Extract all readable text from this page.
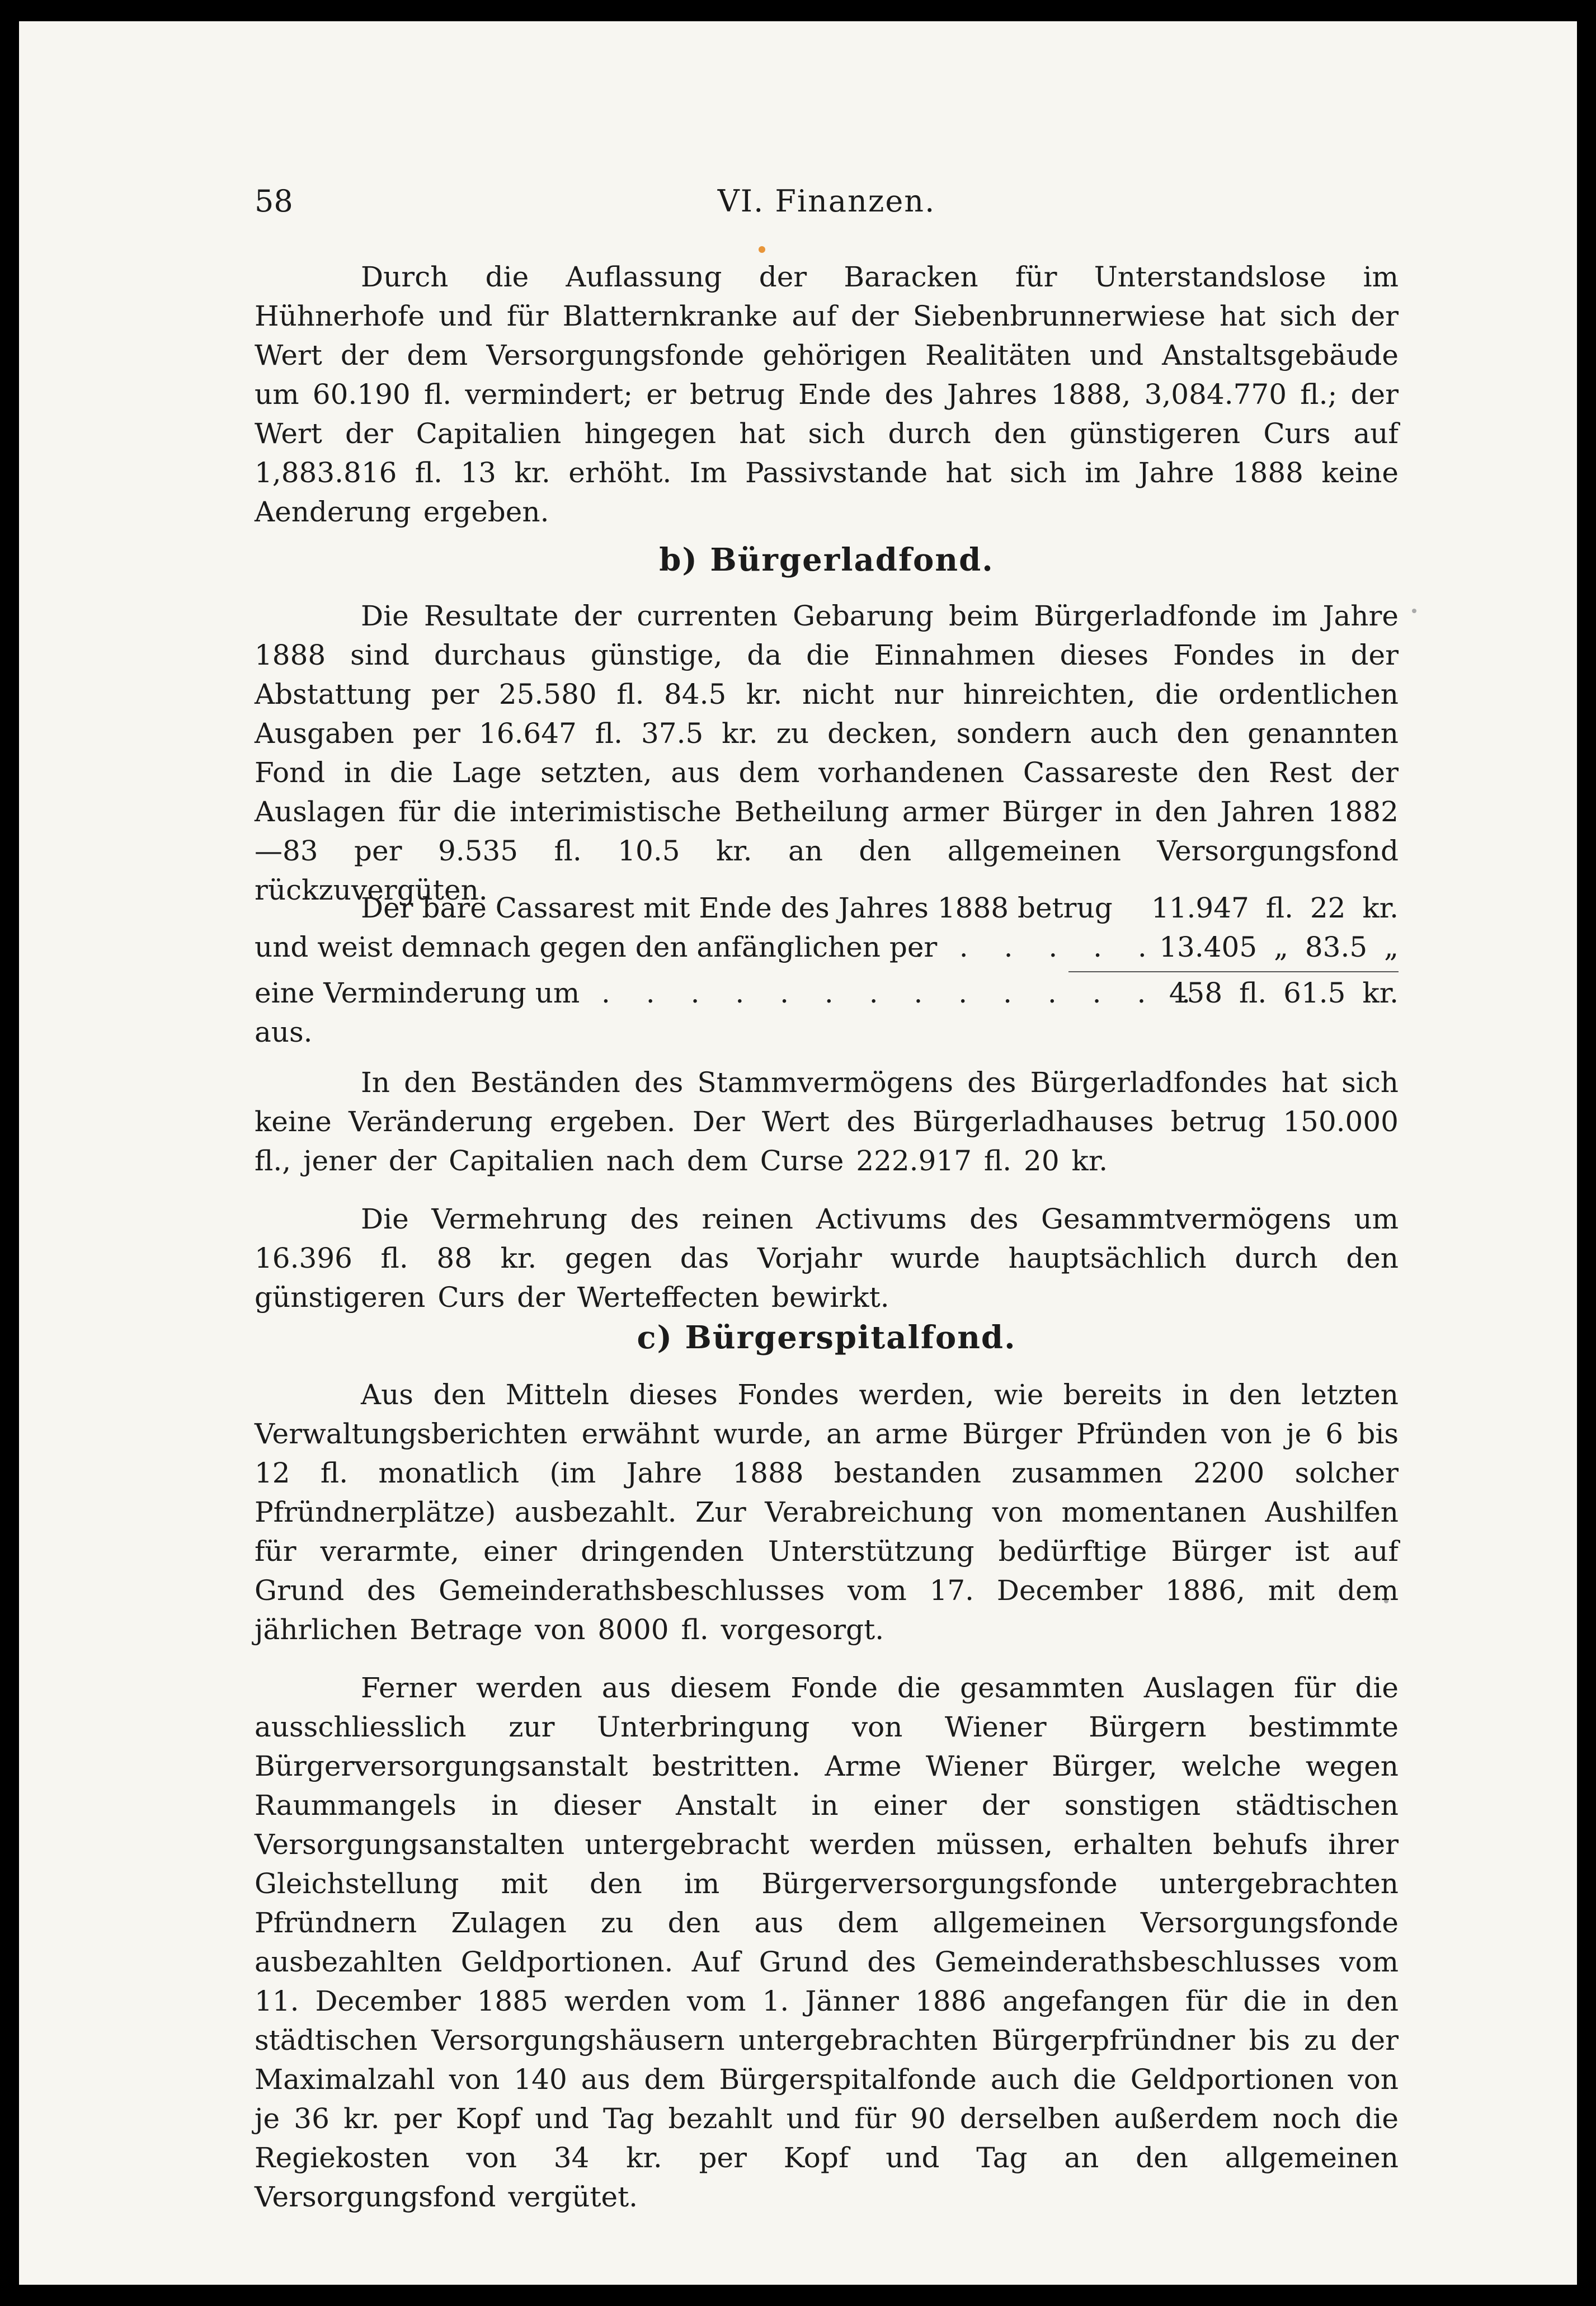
58	VI. Finanzen.

Durch die Auflassung der Baracken für Unterstandslose im Hühnerhofe und für Blatternkranke auf der Siebenbrunnerwiese hat sich der Wert der dem Versorgungsfonde gehörigen Realitäten und Anstaltsgebäude um 60.190 fl. vermindert; er betrug Ende des Jahres 1888, 3,084.770 fl.; der Wert der Capitalien hingegen hat sich durch den günstigeren Curs auf 1,883.816 fl. 13 kr. erhöht. Im Passivstande hat sich im Jahre 1888 keine Aenderung ergeben.

b) Bürgerladfond.

Die Resultate der currenten Gebarung beim Bürgerladfonde im Jahre 1888 sind durchaus günstige, da die Einnahmen dieses Fondes in der Abstattung per 25.580 fl. 84.5 kr. nicht nur hinreichten, die ordentlichen Ausgaben per 16.647 fl. 37.5 kr. zu decken, sondern auch den genannten Fond in die Lage setzten, aus dem vorhandenen Cassareste den Rest der Auslagen für die interimistische Betheilung armer Bürger in den Jahren 1882—83 per 9.535 fl. 10.5 kr. an den allgemeinen Versorgungsfond rückzuvergüten.

Der bare Cassarest mit Ende des Jahres 1888 betrug 11.947 fl. 22 kr.
und weist demnach gegen den anfänglichen per
. . . . . .
13.405 „ 83.5 „
eine Verminderung um . . . . . . . . . . . . . .
458 fl. 61.5 kr.
aus.

In den Beständen des Stammvermögens des Bürgerladfondes hat sich keine Veränderung ergeben. Der Wert des Bürgerladhauses betrug 150.000 fl., jener der Capitalien nach dem Curse 222.917 fl. 20 kr.

Die Vermehrung des reinen Activums des Gesammtvermögens um 16.396 fl. 88 kr. gegen das Vorjahr wurde hauptsächlich durch den günstigeren Curs der Werteffecten bewirkt.

c) Bürgerspitalfond.

Aus den Mitteln dieses Fondes werden, wie bereits in den letzten Verwaltungsberichten erwähnt wurde, an arme Bürger Pfründen von je 6 bis 12 fl. monatlich (im Jahre 1888 bestanden zusammen 2200 solcher Pfründnerplätze) ausbezahlt. Zur Verabreichung von momentanen Aushilfen für verarmte, einer dringenden Unterstützung bedürftige Bürger ist auf Grund des Gemeinderathsbeschlusses vom 17. December 1886, mit dem jährlichen Betrage von 8000 fl. vorgesorgt.

Ferner werden aus diesem Fonde die gesammten Auslagen für die ausschliesslich zur Unterbringung von Wiener Bürgern bestimmte Bürgerversorgungsanstalt bestritten. Arme Wiener Bürger, welche wegen Raummangels in dieser Anstalt in einer der sonstigen städtischen Versorgungsanstalten untergebracht werden müssen, erhalten behufs ihrer Gleichstellung mit den im Bürgerversorgungsfonde untergebrachten Pfründnern Zulagen zu den aus dem allgemeinen Versorgungsfonde ausbezahlten Geldportionen. Auf Grund des Gemeinderathsbeschlusses vom 11. December 1885 werden vom 1. Jänner 1886 angefangen für die in den städtischen Versorgungshäusern untergebrachten Bürgerpfründner bis zu der Maximalzahl von 140 aus dem Bürgerspitalfonde auch die Geldportionen von je 36 kr. per Kopf und Tag bezahlt und für 90 derselben außerdem noch die Regiekosten von 34 kr. per Kopf und Tag an den allgemeinen Versorgungsfond vergütet.
